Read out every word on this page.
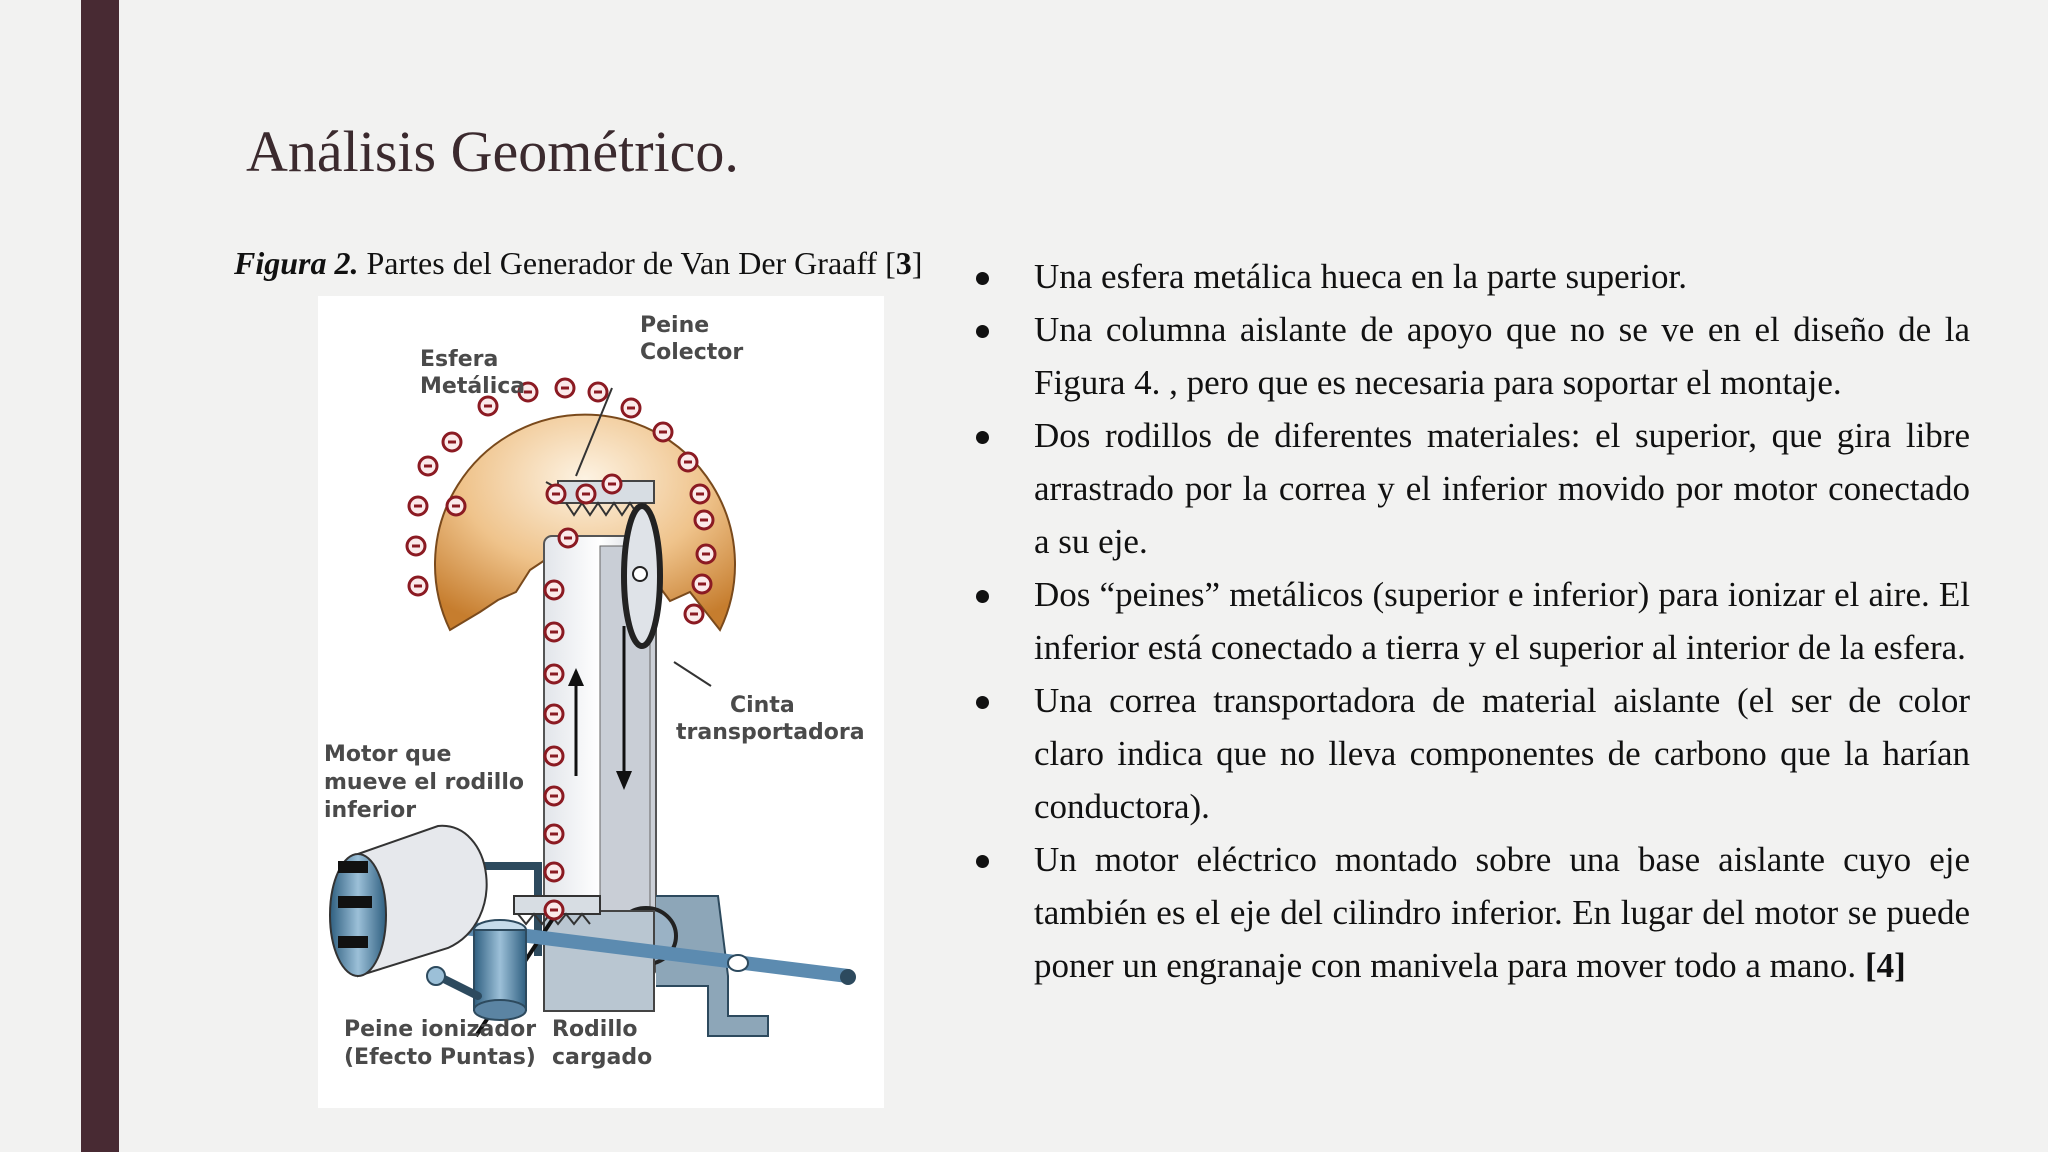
Análisis Geométrico.
Figura 2. Partes del Generador de Van Der Graaff [3]
Peine
Colector
Esfera
Metálica
Cinta
transportadora
Motor que
mueve el rodillo
inferior
Peine ionizador
(Efecto Puntas)
Rodillo
cargado
Una esfera metálica hueca en la parte superior.
Una columna aislante de apoyo que no se ve en el diseño de la Figura 4. , pero que es necesaria para soportar el montaje.
Dos rodillos de diferentes materiales: el superior, que gira libre arrastrado por la correa y el inferior movido por motor conectado a su eje.
Dos “peines” metálicos (superior e inferior) para ionizar el aire. El inferior está conectado a tierra y el superior al interior de la esfera.
Una correa transportadora de material aislante (el ser de color claro indica que no lleva componentes de carbono que la harían conductora).
Un motor eléctrico montado sobre una base aislante cuyo eje también es el eje del cilindro inferior. En lugar del motor se puede poner un engranaje con manivela para mover todo a mano. [4]
